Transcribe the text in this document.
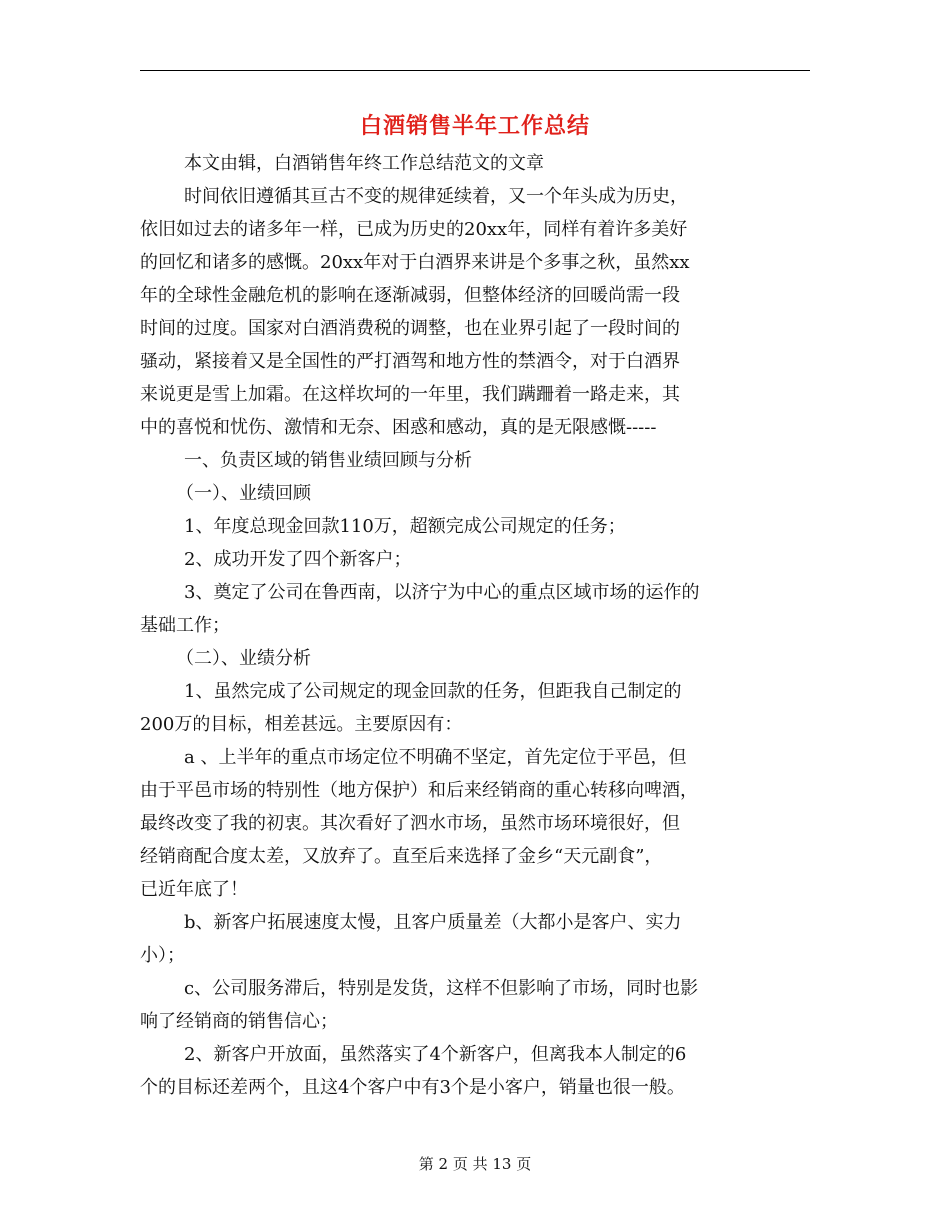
白酒销售半年工作总结
本文由辑，白酒销售年终工作总结范文的文章
时间依旧遵循其亘古不变的规律延续着，又一个年头成为历史，
依旧如过去的诸多年一样，已成为历史的20xx年，同样有着许多美好
的回忆和诸多的感慨。20xx年对于白酒界来讲是个多事之秋，虽然xx
年的全球性金融危机的影响在逐渐减弱，但整体经济的回暖尚需一段
时间的过度。国家对白酒消费税的调整，也在业界引起了一段时间的
骚动，紧接着又是全国性的严打酒驾和地方性的禁酒令，对于白酒界
来说更是雪上加霜。在这样坎坷的一年里，我们蹒跚着一路走来，其
中的喜悦和忧伤、激情和无奈、困惑和感动，真的是无限感慨-----
一、负责区域的销售业绩回顾与分析
（一）、业绩回顾
1、年度总现金回款110万，超额完成公司规定的任务；
2、成功开发了四个新客户；
3、奠定了公司在鲁西南，以济宁为中心的重点区域市场的运作的
基础工作；
（二）、业绩分析
1、虽然完成了公司规定的现金回款的任务，但距我自己制定的
200万的目标，相差甚远。主要原因有：
a 、上半年的重点市场定位不明确不坚定，首先定位于平邑，但
由于平邑市场的特别性（地方保护）和后来经销商的重心转移向啤酒，
最终改变了我的初衷。其次看好了泗水市场，虽然市场环境很好，但
经销商配合度太差，又放弃了。直至后来选择了金乡“天元副食”，
已近年底了！
b、新客户拓展速度太慢，且客户质量差（大都小是客户、实力
小）；
c、公司服务滞后，特别是发货，这样不但影响了市场，同时也影
响了经销商的销售信心；
2、新客户开放面，虽然落实了4个新客户，但离我本人制定的6
个的目标还差两个，且这4个客户中有3个是小客户，销量也很一般。
第 2 页 共 13 页
